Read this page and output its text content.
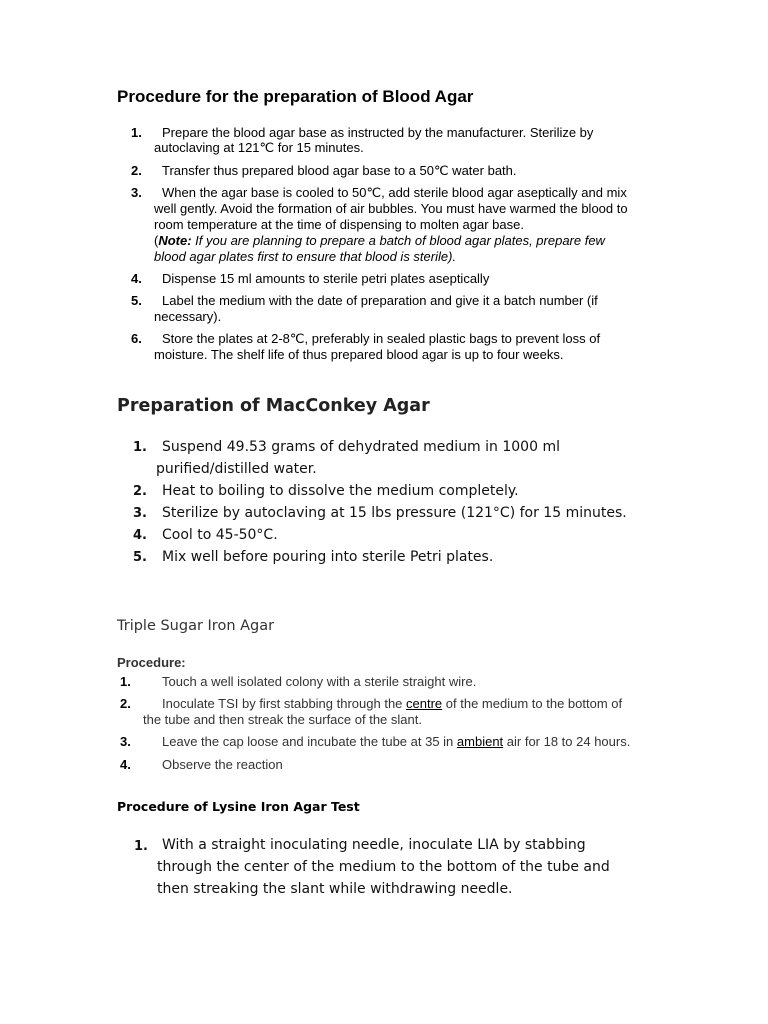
Procedure for the preparation of Blood Agar
1. Prepare the blood agar base as instructed by the manufacturer. Sterilize by
autoclaving at 121℃ for 15 minutes.
2. Transfer thus prepared blood agar base to a 50℃ water bath.
3. When the agar base is cooled to 50℃, add sterile blood agar aseptically and mix
well gently. Avoid the formation of air bubbles. You must have warmed the blood to
room temperature at the time of dispensing to molten agar base.
(Note: If you are planning to prepare a batch of blood agar plates, prepare few
blood agar plates first to ensure that blood is sterile).
4. Dispense 15 ml amounts to sterile petri plates aseptically
5. Label the medium with the date of preparation and give it a batch number (if
necessary).
6. Store the plates at 2-8℃, preferably in sealed plastic bags to prevent loss of
moisture. The shelf life of thus prepared blood agar is up to four weeks.
Preparation of MacConkey Agar
1. Suspend 49.53 grams of dehydrated medium in 1000 ml
purified/distilled water.
2. Heat to boiling to dissolve the medium completely.
3. Sterilize by autoclaving at 15 lbs pressure (121°C) for 15 minutes.
4. Cool to 45-50°C.
5. Mix well before pouring into sterile Petri plates.
Triple Sugar Iron Agar
Procedure:
1. Touch a well isolated colony with a sterile straight wire.
2. Inoculate TSI by first stabbing through the centre of the medium to the bottom of
the tube and then streak the surface of the slant.
3. Leave the cap loose and incubate the tube at 35 in ambient air for 18 to 24 hours.
4. Observe the reaction
Procedure of Lysine Iron Agar Test
1. With a straight inoculating needle, inoculate LIA by stabbing
through the center of the medium to the bottom of the tube and
then streaking the slant while withdrawing needle.
